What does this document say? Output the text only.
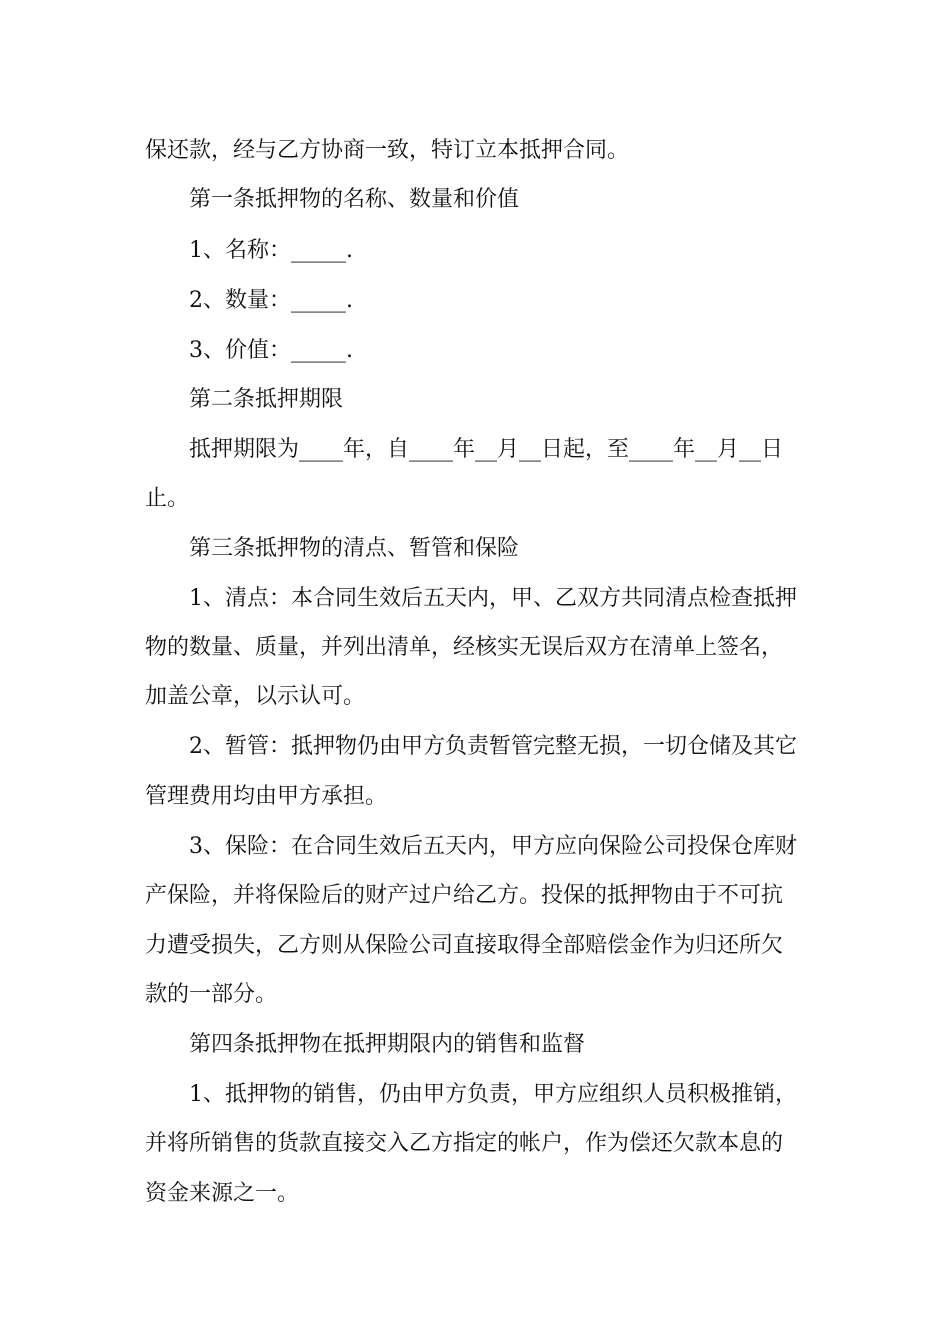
保还款，经与乙方协商一致，特订立本抵押合同。
第一条抵押物的名称、数量和价值
1、名称：_____.
2、数量：_____.
3、价值：_____.
第二条抵押期限
抵押期限为____年，自____年__月__日起，至____年__月__日
止。
第三条抵押物的清点、暂管和保险
1、清点：本合同生效后五天内，甲、乙双方共同清点检查抵押
物的数量、质量，并列出清单，经核实无误后双方在清单上签名，
加盖公章，以示认可。
2、暂管：抵押物仍由甲方负责暂管完整无损，一切仓储及其它
管理费用均由甲方承担。
3、保险：在合同生效后五天内，甲方应向保险公司投保仓库财
产保险，并将保险后的财产过户给乙方。投保的抵押物由于不可抗
力遭受损失，乙方则从保险公司直接取得全部赔偿金作为归还所欠
款的一部分。
第四条抵押物在抵押期限内的销售和监督
1、抵押物的销售，仍由甲方负责，甲方应组织人员积极推销，
并将所销售的货款直接交入乙方指定的帐户，作为偿还欠款本息的
资金来源之一。
